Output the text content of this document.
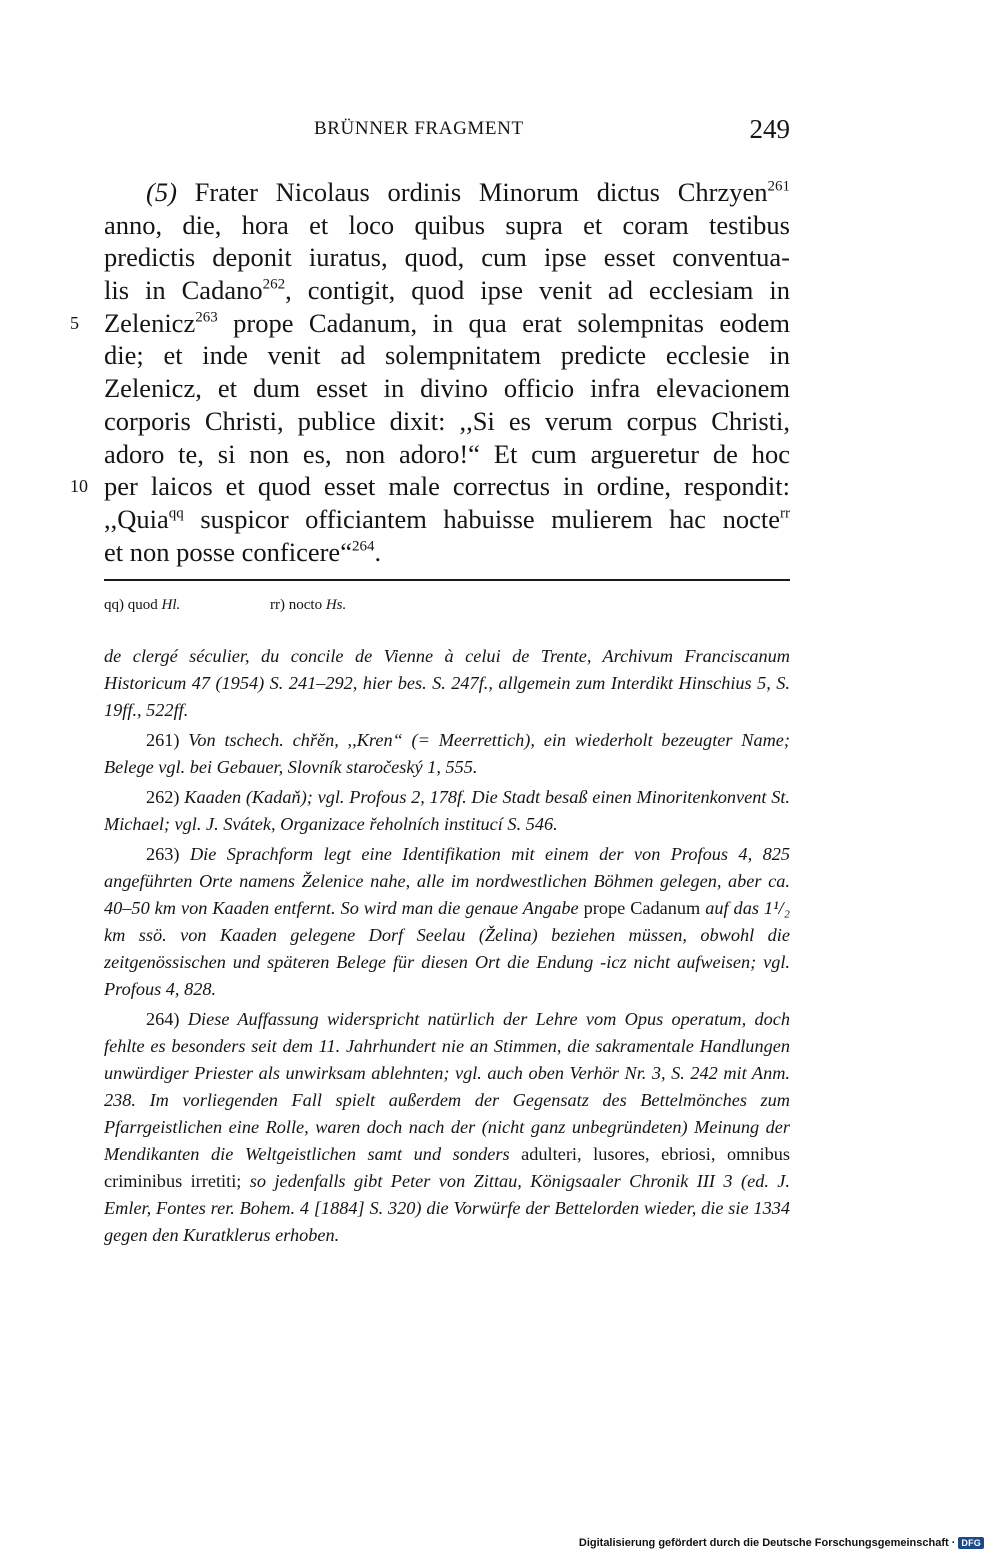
BRÜNNER FRAGMENT	249
(5) Frater Nicolaus ordinis Minorum dictus Chrzyen$^{261}$
anno, die, hora et loco quibus supra et coram testibus
predictis deponit iuratus, quod, cum ipse esset conventua-
lis in Cadano$^{262}$, contigit, quod ipse venit ad ecclesiam in
5 Zelenicz$^{263}$ prope Cadanum, in qua erat solempnitas eodem
die; et inde venit ad solempnitatem predicte ecclesie in
Zelenicz, et dum esset in divino officio infra elevacionem
corporis Christi, publice dixit: ,,Si es verum corpus Christi,
adoro te, si non es, non adoro!“ Et cum argueretur de hoc
10 per laicos et quod esset male correctus in ordine, respondit:
,,Quia$^{qq}$ suspicor officiantem habuisse mulierem hac nocte$^{rr}$
et non posse conficere“$^{264}$.
qq) quod Hl.	rr) nocto Hs.

de clergé séculier, du concile de Vienne à celui de Trente, Archivum Franciscanum Historicum 47 (1954) S. 241–292, hier bes. S. 247f., allgemein zum Interdikt Hinschius 5, S. 19ff., 522ff.

261) Von tschech. chřěn, ,,Kren“ (= Meerrettich), ein wiederholt bezeugter Name; Belege vgl. bei Gebauer, Slovník staročeský 1, 555.

262) Kaaden (Kadaň); vgl. Profous 2, 178f. Die Stadt besaß einen Minoritenkonvent St. Michael; vgl. J. Svátek, Organizace řeholních institucí S. 546.

263) Die Sprachform legt eine Identifikation mit einem der von Profous 4, 825 angeführten Orte namens Želenice nahe, alle im nordwestlichen Böhmen gelegen, aber ca. 40–50 km von Kaaden entfernt. So wird man die genaue Angabe prope Cadanum auf das 1¹/₂ km ssö. von Kaaden gelegene Dorf Seelau (Želina) beziehen müssen, obwohl die zeitgenössischen und späteren Belege für diesen Ort die Endung -icz nicht aufweisen; vgl. Profous 4, 828.

264) Diese Auffassung widerspricht natürlich der Lehre vom Opus operatum, doch fehlte es besonders seit dem 11. Jahrhundert nie an Stimmen, die sakramentale Handlungen unwürdiger Priester als unwirksam ablehnten; vgl. auch oben Verhör Nr. 3, S. 242 mit Anm. 238. Im vorliegenden Fall spielt außerdem der Gegensatz des Bettelmönches zum Pfarrgeistlichen eine Rolle, waren doch nach der (nicht ganz unbegründeten) Meinung der Mendikanten die Weltgeistlichen samt und sonders adulteri, lusores, ebriosi, omnibus criminibus irretiti; so jedenfalls gibt Peter von Zittau, Königsaaler Chronik III 3 (ed. J. Emler, Fontes rer. Bohem. 4 [1884] S. 320) die Vorwürfe der Bettelorden wieder, die sie 1334 gegen den Kuratklerus erhoben.

Digitalisierung gefördert durch die Deutsche Forschungsgemeinschaft · DFG
